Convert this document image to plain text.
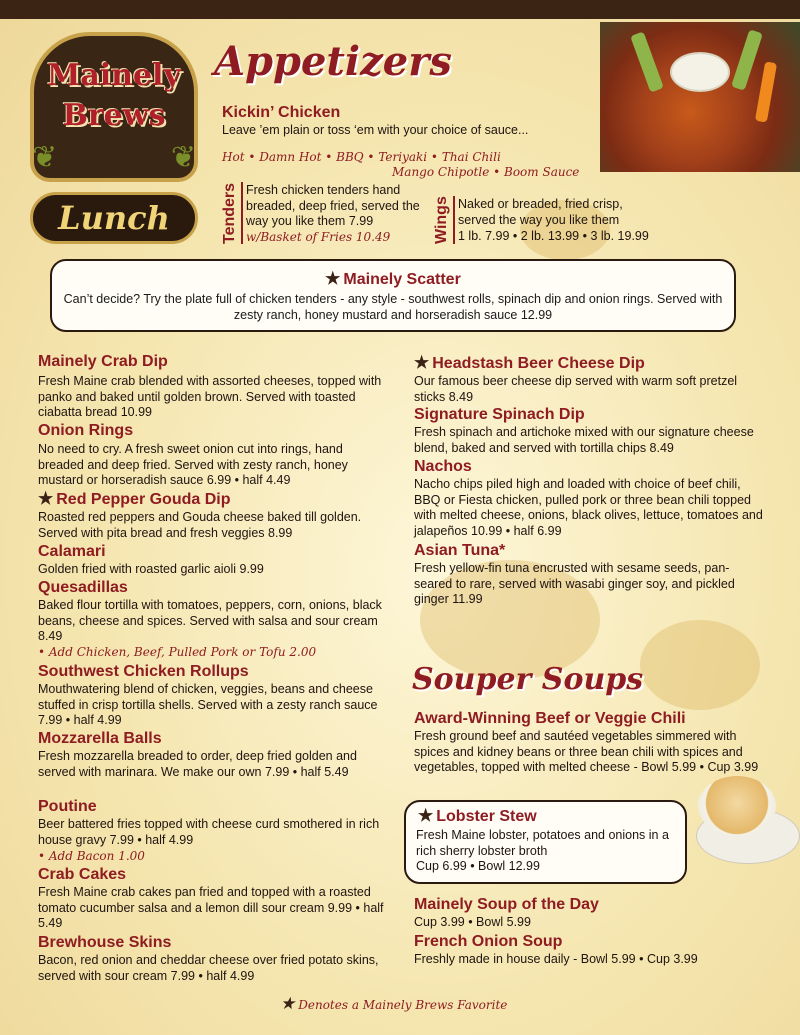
Mainely
Brews
❦	❦
Lunch
Appetizers
Kickin’ Chicken
Leave ’em plain or toss ‘em with your choice of sauce...
Hot • Damn Hot • BBQ • Teriyaki • Thai Chili
Mango Chipotle • Boom Sauce
Tenders Fresh chicken tenders hand breaded, deep fried, served the way you like them 7.99
w/Basket of Fries 10.49	Wings Naked or breaded, fried crisp, served the way you like them
1 lb. 7.99 • 2 lb. 13.99 • 3 lb. 19.99
★ Mainely Scatter
Can’t decide? Try the plate full of chicken tenders - any style - southwest rolls, spinach dip and onion rings. Served with zesty ranch, honey mustard and horseradish sauce 12.99
Mainely Crab Dip
Fresh Maine crab blended with assorted cheeses, topped with panko and baked until golden brown. Served with toasted ciabatta bread 10.99
Onion Rings
No need to cry. A fresh sweet onion cut into rings, hand breaded and deep fried. Served with zesty ranch, honey mustard or horseradish sauce 6.99 • half 4.49
★ Red Pepper Gouda Dip
Roasted red peppers and Gouda cheese baked till golden. Served with pita bread and fresh veggies 8.99
Calamari
Golden fried with roasted garlic aioli 9.99
Quesadillas
Baked flour tortilla with tomatoes, peppers, corn, onions, black beans, cheese and spices. Served with salsa and sour cream 8.49
• Add Chicken, Beef, Pulled Pork or Tofu 2.00
Southwest Chicken Rollups
Mouthwatering blend of chicken, veggies, beans and cheese stuffed in crisp tortilla shells. Served with a zesty ranch sauce 7.99 • half 4.99
Mozzarella Balls
Fresh mozzarella breaded to order, deep fried golden and served with marinara. We make our own 7.99 • half 5.49
Poutine
Beer battered fries topped with cheese curd smothered in rich house gravy 7.99 • half 4.99
• Add Bacon 1.00
Crab Cakes
Fresh Maine crab cakes pan fried and topped with a roasted tomato cucumber salsa and a lemon dill sour cream 9.99 • half 5.49
Brewhouse Skins
Bacon, red onion and cheddar cheese over fried potato skins, served with sour cream 7.99 • half 4.99
★ Headstash Beer Cheese Dip
Our famous beer cheese dip served with warm soft pretzel sticks 8.49
Signature Spinach Dip
Fresh spinach and artichoke mixed with our signature cheese blend, baked and served with tortilla chips 8.49
Nachos
Nacho chips piled high and loaded with choice of beef chili, BBQ or Fiesta chicken, pulled pork or three bean chili topped with melted cheese, onions, black olives, lettuce, tomatoes and jalapeños 10.99 • half 6.99
Asian Tuna*
Fresh yellow-fin tuna encrusted with sesame seeds, pan-seared to rare, served with wasabi ginger soy, and pickled ginger 11.99
Souper Soups
Award-Winning Beef or Veggie Chili
Fresh ground beef and sautéed vegetables simmered with spices and kidney beans or three bean chili with spices and vegetables, topped with melted cheese - Bowl 5.99 • Cup 3.99
★ Lobster Stew
Fresh Maine lobster, potatoes and onions in a rich sherry lobster broth
Cup 6.99 • Bowl 12.99
Mainely Soup of the Day
Cup 3.99 • Bowl 5.99
French Onion Soup
Freshly made in house daily - Bowl 5.99 • Cup 3.99
★ Denotes a Mainely Brews Favorite
